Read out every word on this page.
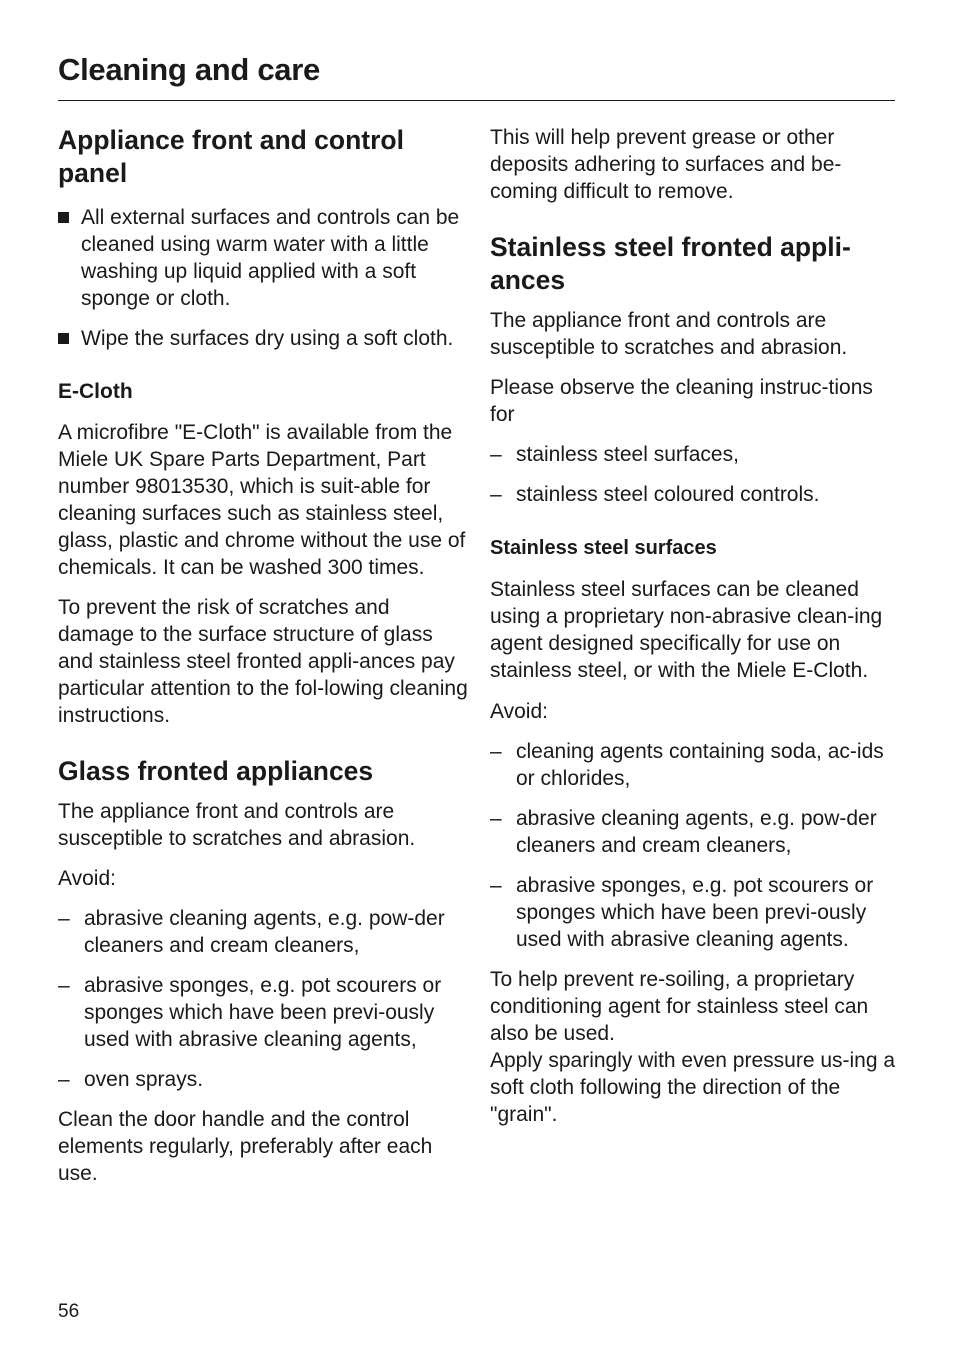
Cleaning and care
Appliance front and control panel
All external surfaces and controls can be cleaned using warm water with a little washing up liquid applied with a soft sponge or cloth.
Wipe the surfaces dry using a soft cloth.
E-Cloth

A microfibre "E-Cloth" is available from the Miele UK Spare Parts Department, Part number 98013530, which is suit-able for cleaning surfaces such as stainless steel, glass, plastic and chrome without the use of chemicals. It can be washed 300 times.

To prevent the risk of scratches and damage to the surface structure of glass and stainless steel fronted appli-ances pay particular attention to the fol-lowing cleaning instructions.

Glass fronted appliances

The appliance front and controls are susceptible to scratches and abrasion.

Avoid:

– abrasive cleaning agents, e.g. pow-der cleaners and cream cleaners,
– abrasive sponges, e.g. pot scourers or sponges which have been previ-ously used with abrasive cleaning agents,
– oven sprays.

Clean the door handle and the control elements regularly, preferably after each use.

This will help prevent grease or other deposits adhering to surfaces and be-coming difficult to remove.

Stainless steel fronted appli-ances

The appliance front and controls are susceptible to scratches and abrasion.

Please observe the cleaning instruc-tions for

– stainless steel surfaces,
– stainless steel coloured controls.
Stainless steel surfaces

Stainless steel surfaces can be cleaned using a proprietary non-abrasive clean-ing agent designed specifically for use on stainless steel, or with the Miele E-Cloth.

Avoid:

– cleaning agents containing soda, ac-ids or chlorides,
– abrasive cleaning agents, e.g. pow-der cleaners and cream cleaners,
– abrasive sponges, e.g. pot scourers or sponges which have been previ-ously used with abrasive cleaning agents.

To help prevent re-soiling, a proprietary conditioning agent for stainless steel can also be used.

Apply sparingly with even pressure us-ing a soft cloth following the direction of the "grain".

56
